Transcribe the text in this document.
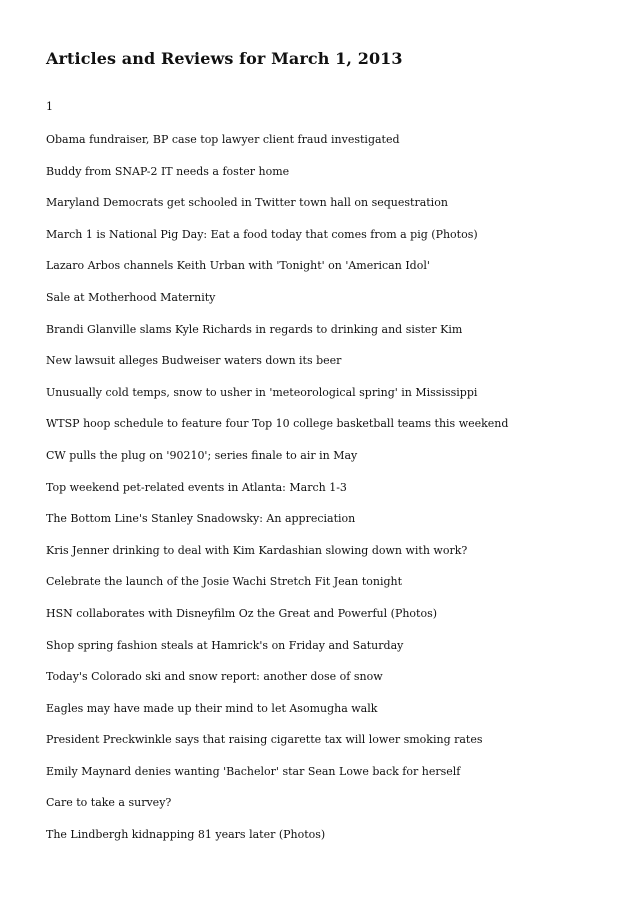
Articles and Reviews for March 1, 2013
1
Obama fundraiser, BP case top lawyer client fraud investigated
Buddy from SNAP-2 IT needs a foster home
Maryland Democrats get schooled in Twitter town hall on sequestration
March 1 is National Pig Day: Eat a food today that comes from a pig (Photos)
Lazaro Arbos channels Keith Urban with 'Tonight' on 'American Idol'
Sale at Motherhood Maternity
Brandi Glanville slams Kyle Richards in regards to drinking and sister Kim
New lawsuit alleges Budweiser waters down its beer
Unusually cold temps, snow to usher in 'meteorological spring' in Mississippi
WTSP hoop schedule to feature four Top 10 college basketball teams this weekend
CW pulls the plug on '90210'; series finale to air in May
Top weekend pet-related events in Atlanta: March 1-3
The Bottom Line's Stanley Snadowsky: An appreciation
Kris Jenner drinking to deal with Kim Kardashian slowing down with work?
Celebrate the launch of the Josie Wachi Stretch Fit Jean tonight
HSN collaborates with Disneyfilm Oz the Great and Powerful (Photos)
Shop spring fashion steals at Hamrick's on Friday and Saturday
Today's Colorado ski and snow report: another dose of snow
Eagles may have made up their mind to let Asomugha walk
President Preckwinkle says that raising cigarette tax will lower smoking rates
Emily Maynard denies wanting 'Bachelor' star Sean Lowe back for herself
Care to take a survey?
The Lindbergh kidnapping 81 years later (Photos)
